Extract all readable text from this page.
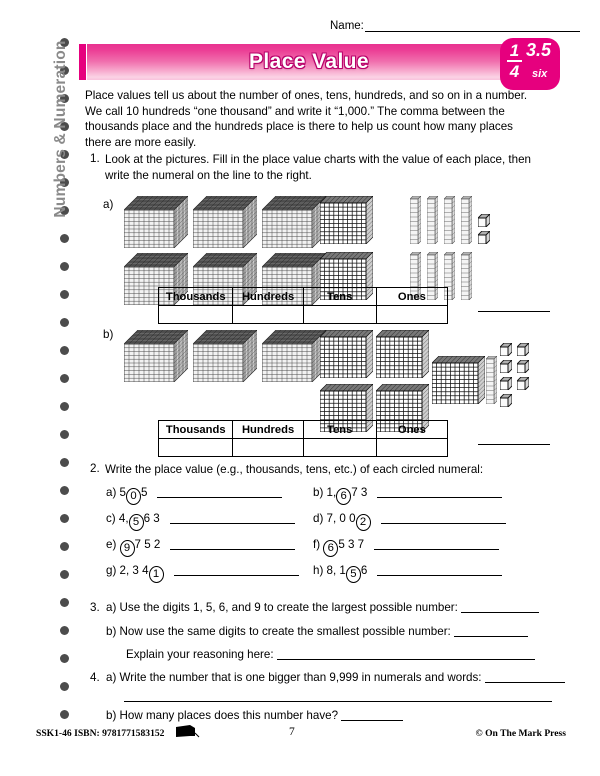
Name:
Numbers & Numeration	Place Value	1
4
3.5
six
Place values tell us about the number of ones, tens, hundreds, and so on in a number. We call 10 hundreds “one thousand” and write it “1,000.” The comma between the thousands place and the hundreds place is there to help us count how many places there are more easily.
1. Look at the pictures. Fill in the place value charts with the value of each place, then write the numeral on the line to the right.
a)
b)
Thousands	Hundreds	Tens	Ones

Thousands	Hundreds	Tens	Ones

2. Write the place value (e.g., thousands, tens, etc.) of each circled numeral:
a) 5 0 5	b) 1, 6 7 3
c) 4, 5 6 3	d) 7, 0 0 2
e) 9 7 5 2	f) 6 5 3 7
g) 2, 3 4 1	h) 8, 1 5 6
3. a) Use the digits 1, 5, 6, and 9 to create the largest possible number:
b) Now use the same digits to create the smallest possible number:
Explain your reasoning here:
4. a) Write the number that is one bigger than 9,999 in numerals and words:
b) How many places does this number have?
SSK1-46 ISBN: 9781771583152	7	© On The Mark Press
